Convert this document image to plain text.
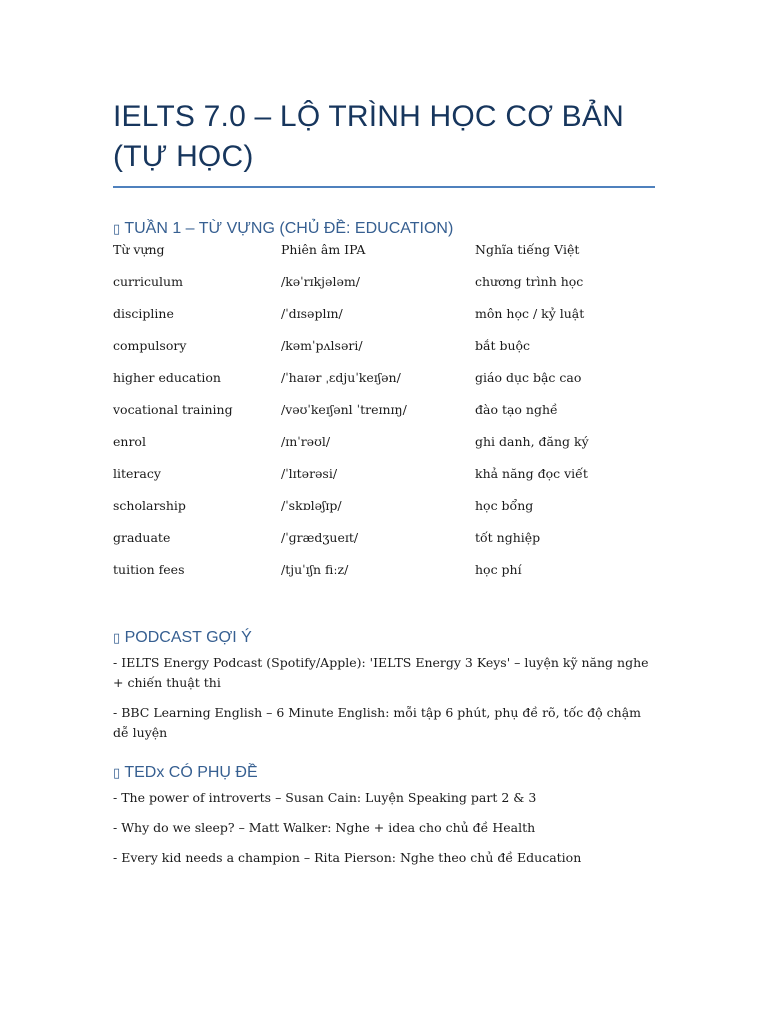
IELTS 7.0 – LỘ TRÌNH HỌC CƠ BẢN (TỰ HỌC)
▯ TUẦN 1 – TỪ VỰNG (CHỦ ĐỀ: EDUCATION)
Từ vựng	Phiên âm IPA	Nghĩa tiếng Việt
curriculum	/kəˈrɪkjələm/	chương trình học
discipline	/ˈdɪsəplɪn/	môn học / kỷ luật
compulsory	/kəmˈpʌlsəri/	bắt buộc
higher education	/ˈhaɪər ˌɛdjuˈkeɪʃən/	giáo dục bậc cao
vocational training	/vəʊˈkeɪʃənl ˈtreɪnɪŋ/	đào tạo nghề
enrol	/ɪnˈrəʊl/	ghi danh, đăng ký
literacy	/ˈlɪtərəsi/	khả năng đọc viết
scholarship	/ˈskɒləʃɪp/	học bổng
graduate	/ˈɡrædʒueɪt/	tốt nghiệp
tuition fees	/tjuˈɪʃn fiːz/	học phí
▯ PODCAST GỢI Ý

- IELTS Energy Podcast (Spotify/Apple): 'IELTS Energy 3 Keys' – luyện kỹ năng nghe + chiến thuật thi

- BBC Learning English – 6 Minute English: mỗi tập 6 phút, phụ đề rõ, tốc độ chậm dễ luyện

▯ TEDx CÓ PHỤ ĐỀ

- The power of introverts – Susan Cain: Luyện Speaking part 2 & 3

- Why do we sleep? – Matt Walker: Nghe + idea cho chủ đề Health

- Every kid needs a champion – Rita Pierson: Nghe theo chủ đề Education
